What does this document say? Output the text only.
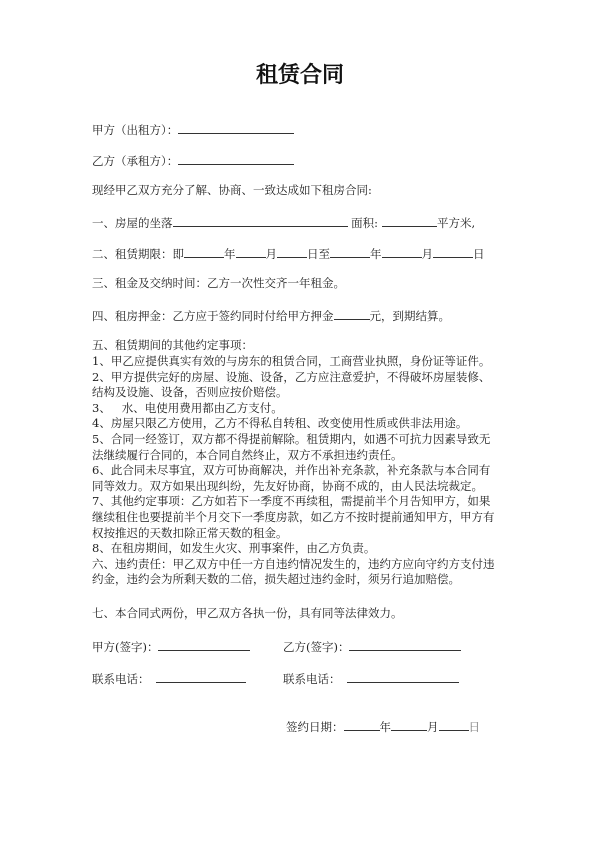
租赁合同
甲方（出租方）：
乙方（承租方）：
现经甲乙双方充分了解、协商、一致达成如下租房合同:
一、房屋的坐落	面积:	平方米,
二、租赁期限：即	年	月	日至	年	月	日
三、租金及交纳时间：乙方一次性交齐一年租金。
四、租房押金：乙方应于签约同时付给甲方押金	元，到期结算。
五、租赁期间的其他约定事项：
1、甲乙应提供真实有效的与房东的租赁合同，工商营业执照，身份证等证件。
2、甲方提供完好的房屋、设施、设备，乙方应注意爱护，不得破坏房屋装修、
结构及设施、设备，否则应按价赔偿。
3、   水、电使用费用都由乙方支付。
4、房屋只限乙方使用，乙方不得私自转租、改变使用性质或供非法用途。
5、合同一经签订，双方都不得提前解除。租赁期内，如遇不可抗力因素导致无
法继续履行合同的，本合同自然终止，双方不承担违约责任。
6、此合同未尽事宜，双方可协商解决，并作出补充条款，补充条款与本合同有
同等效力。双方如果出现纠纷，先友好协商，协商不成的，由人民法垸裁定。
7、其他约定事项：乙方如若下一季度不再续租，需提前半个月告知甲方，如果
继续租住也要提前半个月交下一季度房款，如乙方不按时提前通知甲方，甲方有
权按推迟的天数扣除正常天数的租金。
8、在租房期间，如发生火灾、刑事案件，由乙方负责。
六、违约责任：甲乙双方中任一方自违约情况发生的，违约方应向守约方支付违
约金，违约会为所剩天数的二倍，损失超过违约金时，须另行追加赔偿。
七、本合同式两份，甲乙双方各执一份，具有同等法律效力。
甲方(签字)：	乙方(签字)：
联系电话：	联系电话：
签约日期：	年	月	日
